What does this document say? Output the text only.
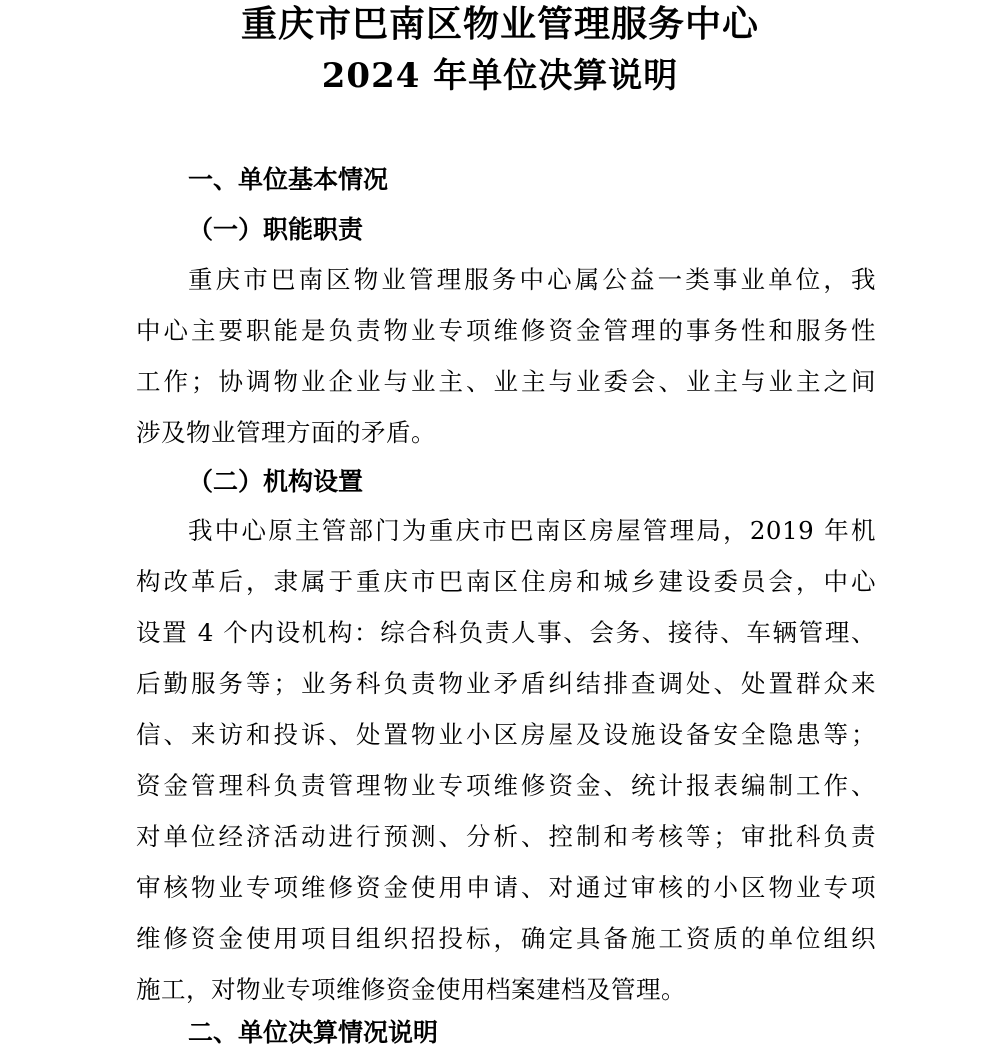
重庆市巴南区物业管理服务中心
2024 年单位决算说明
一、单位基本情况
（一）职能职责
重庆市巴南区物业管理服务中心属公益一类事业单位，我
中心主要职能是负责物业专项维修资金管理的事务性和服务性
工作；协调物业企业与业主、业主与业委会、业主与业主之间
涉及物业管理方面的矛盾。
（二）机构设置
我中心原主管部门为重庆市巴南区房屋管理局，2019 年机
构改革后，隶属于重庆市巴南区住房和城乡建设委员会，中心
设置 4 个内设机构：综合科负责人事、会务、接待、车辆管理、
后勤服务等；业务科负责物业矛盾纠结排查调处、处置群众来
信、来访和投诉、处置物业小区房屋及设施设备安全隐患等；
资金管理科负责管理物业专项维修资金、统计报表编制工作、
对单位经济活动进行预测、分析、控制和考核等；审批科负责
审核物业专项维修资金使用申请、对通过审核的小区物业专项
维修资金使用项目组织招投标，确定具备施工资质的单位组织
施工，对物业专项维修资金使用档案建档及管理。
二、单位决算情况说明
